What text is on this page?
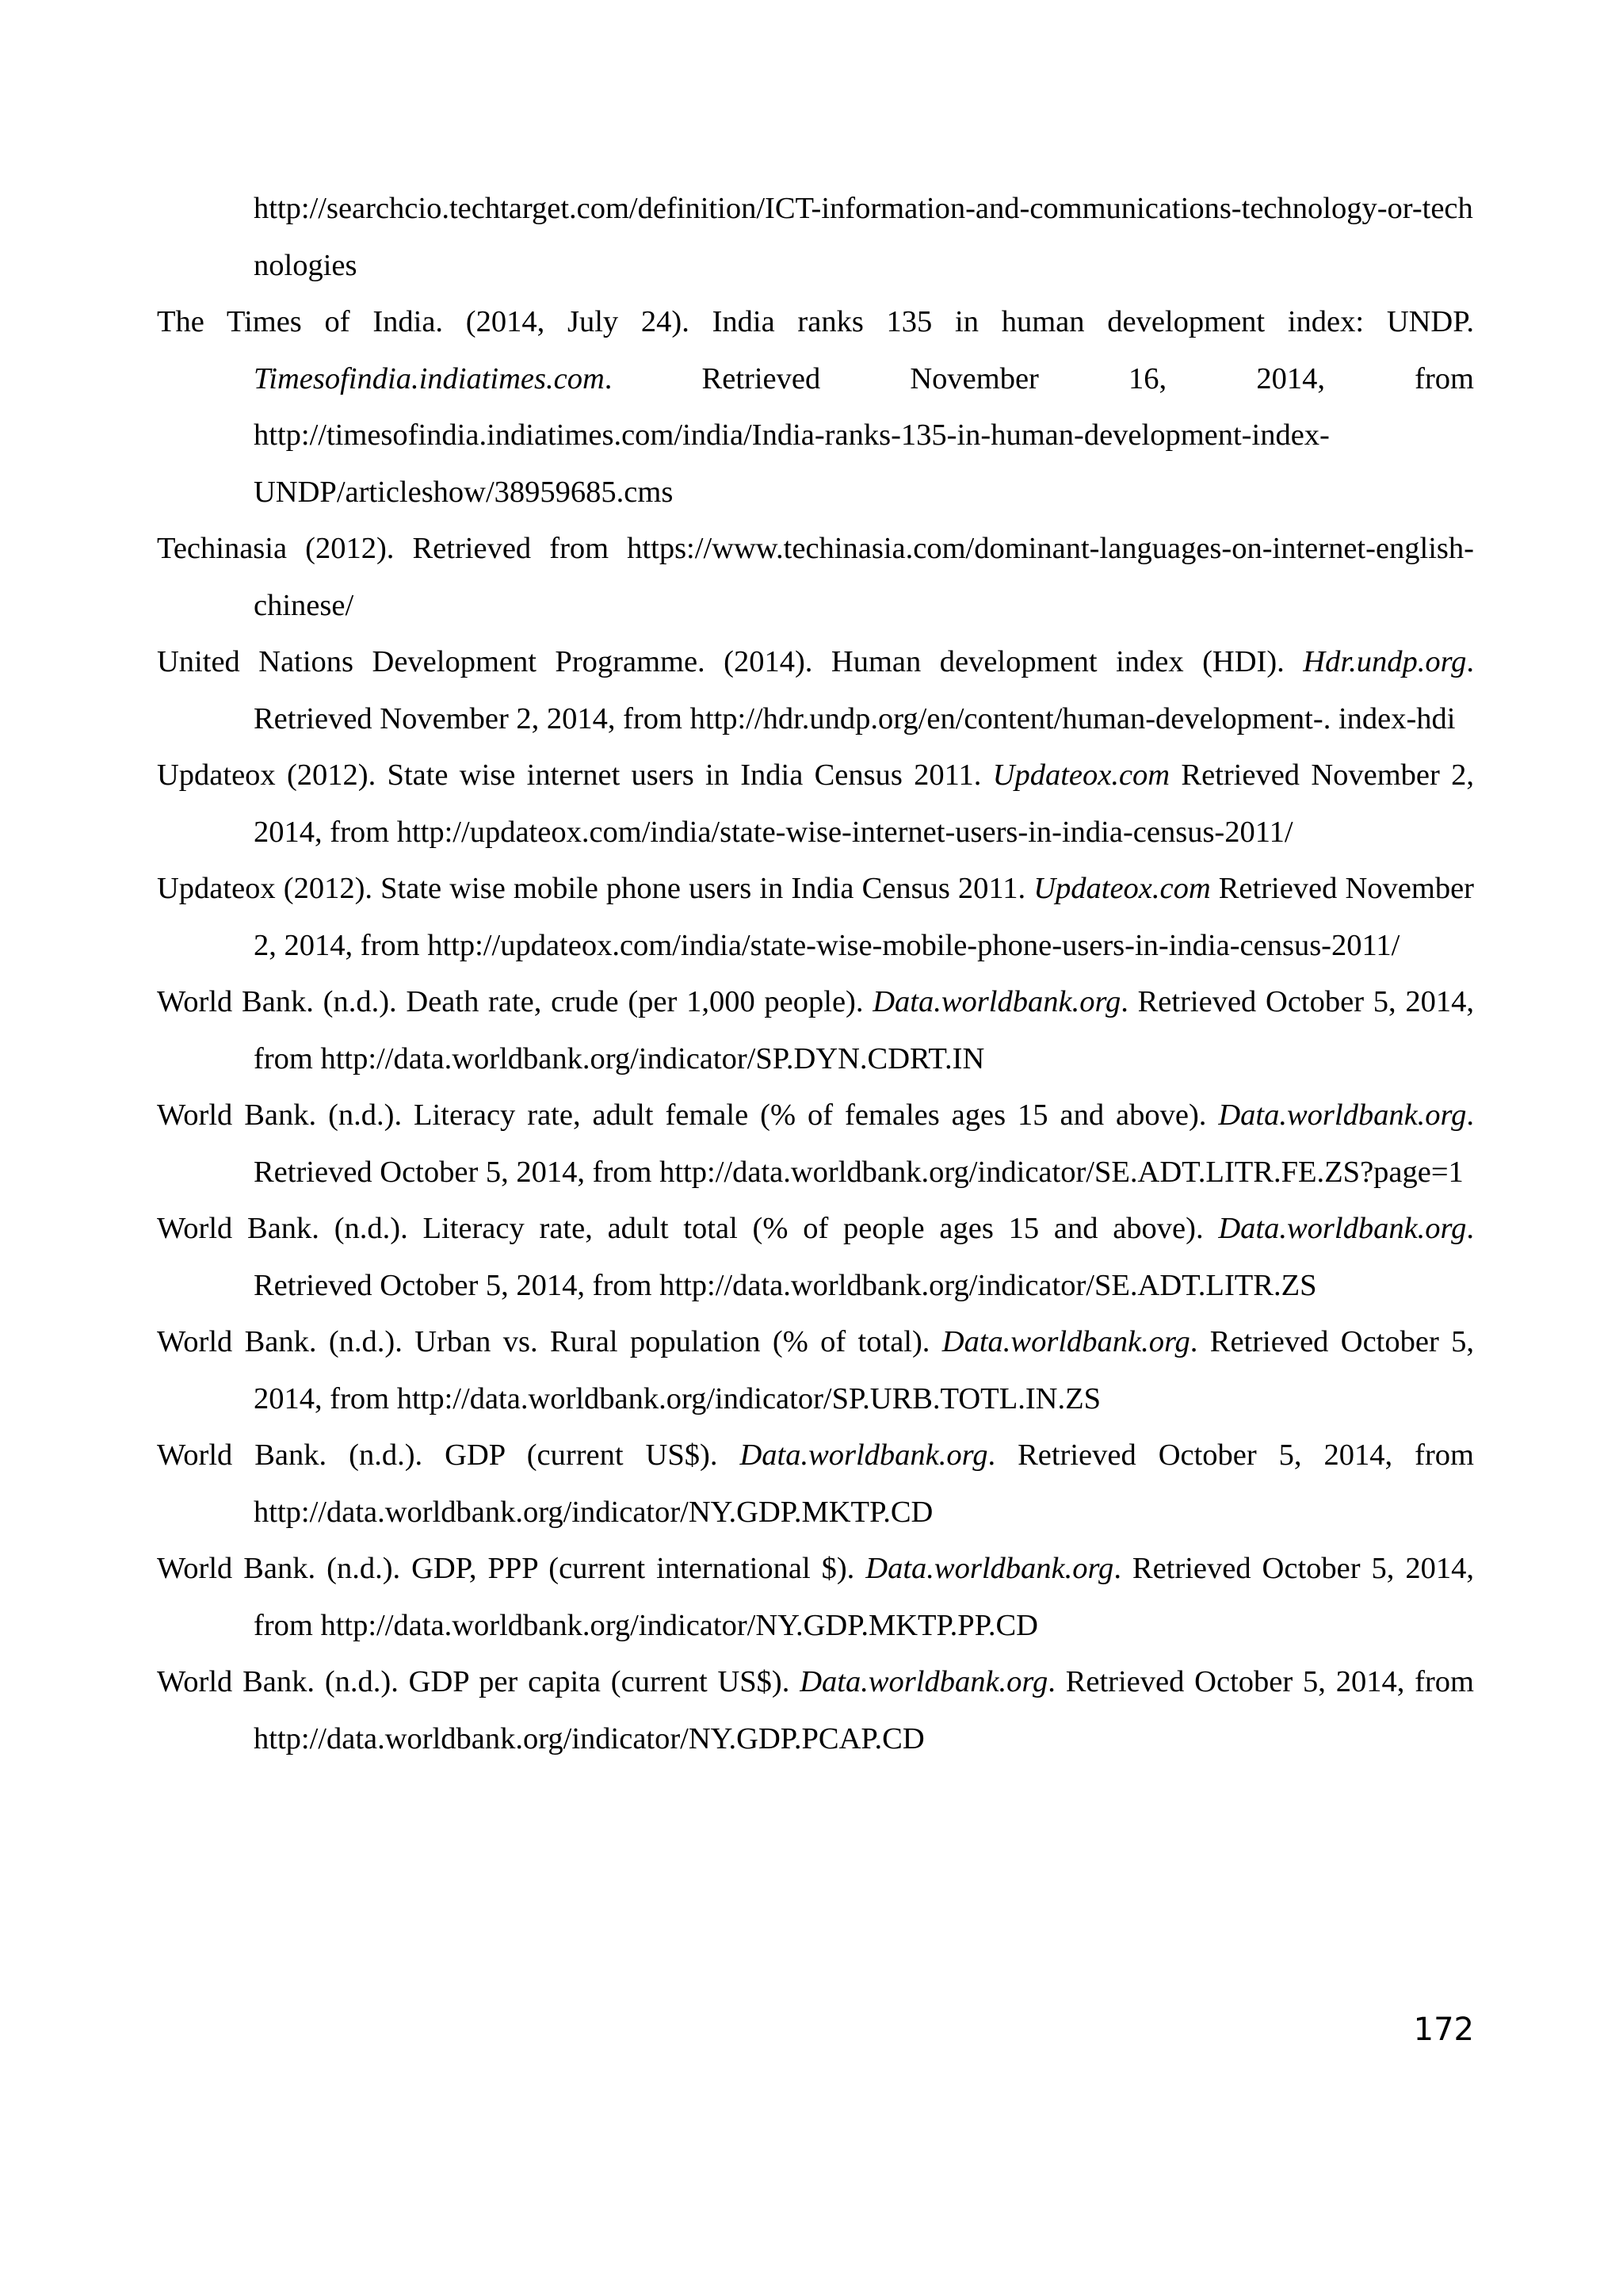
http://searchcio.techtarget.com/definition/ICT-information-and-communications-technology-or-technologies

The Times of India. (2014, July 24). India ranks 135 in human development index: UNDP. Timesofindia.indiatimes.com. Retrieved November 16, 2014, from http://timesofindia.indiatimes.com/india/India-ranks-135-in-human-development-index-UNDP/articleshow/38959685.cms

Techinasia (2012). Retrieved from https://www.techinasia.com/dominant-languages-on-internet-english-chinese/

United Nations Development Programme. (2014). Human development index (HDI). Hdr.undp.org. Retrieved November 2, 2014, from http://hdr.undp.org/en/content/human-development-. index-hdi

Updateox (2012). State wise internet users in India Census 2011. Updateox.com Retrieved November 2, 2014, from http://updateox.com/india/state-wise-internet-users-in-india-census-2011/

Updateox (2012). State wise mobile phone users in India Census 2011. Updateox.com Retrieved November 2, 2014, from http://updateox.com/india/state-wise-mobile-phone-users-in-india-census-2011/

World Bank. (n.d.). Death rate, crude (per 1,000 people). Data.worldbank.org. Retrieved October 5, 2014, from http://data.worldbank.org/indicator/SP.DYN.CDRT.IN

World Bank. (n.d.). Literacy rate, adult female (% of females ages 15 and above). Data.worldbank.org. Retrieved October 5, 2014, from http://data.worldbank.org/indicator/SE.ADT.LITR.FE.ZS?page=1

World Bank. (n.d.). Literacy rate, adult total (% of people ages 15 and above). Data.worldbank.org. Retrieved October 5, 2014, from http://data.worldbank.org/indicator/SE.ADT.LITR.ZS

World Bank. (n.d.). Urban vs. Rural population (% of total). Data.worldbank.org. Retrieved October 5, 2014, from http://data.worldbank.org/indicator/SP.URB.TOTL.IN.ZS

World Bank. (n.d.). GDP (current US$). Data.worldbank.org. Retrieved October 5, 2014, from http://data.worldbank.org/indicator/NY.GDP.MKTP.CD

World Bank. (n.d.). GDP, PPP (current international $). Data.worldbank.org. Retrieved October 5, 2014, from http://data.worldbank.org/indicator/NY.GDP.MKTP.PP.CD

World Bank. (n.d.). GDP per capita (current US$). Data.worldbank.org. Retrieved October 5, 2014, from http://data.worldbank.org/indicator/NY.GDP.PCAP.CD

172
